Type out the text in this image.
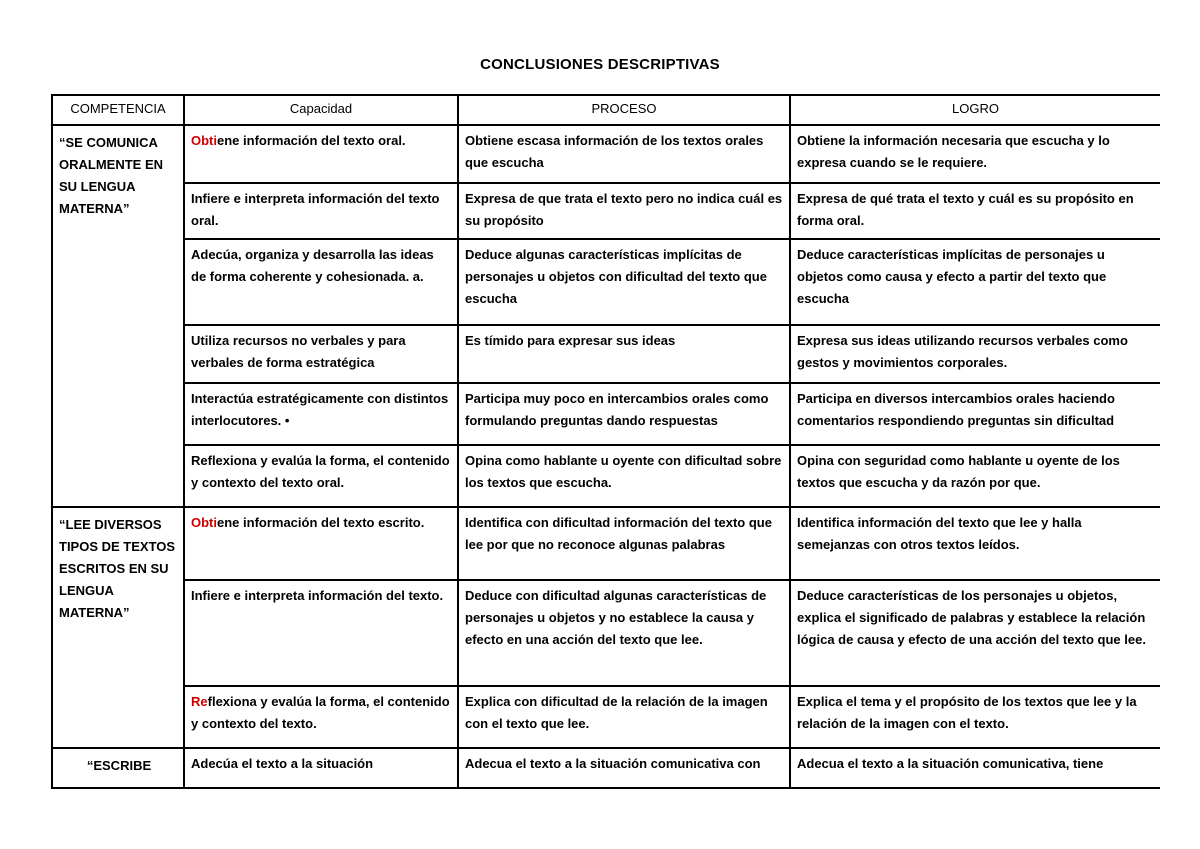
CONCLUSIONES DESCRIPTIVAS
COMPETENCIA	Capacidad	PROCESO	LOGRO
“SE COMUNICA ORALMENTE EN SU LENGUA MATERNA”	Obtiene información del texto oral.	Obtiene escasa información de los textos orales que escucha	Obtiene la información necesaria que escucha y lo expresa cuando se le requiere.
	Infiere e interpreta información del texto oral.	Expresa de que trata el texto pero no indica cuál es su propósito	Expresa de qué trata el texto y cuál es su propósito en forma oral.
	Adecúa, organiza y desarrolla las ideas de forma coherente y cohesionada. a.	Deduce algunas características implícitas de personajes u objetos con dificultad del texto que escucha	Deduce características implícitas de personajes u objetos como causa y efecto a partir del texto que escucha
	Utiliza recursos no verbales y para verbales de forma estratégica	Es tímido para expresar sus ideas	Expresa sus ideas utilizando recursos verbales como gestos y movimientos corporales.
	Interactúa estratégicamente con distintos interlocutores. •	Participa muy poco en intercambios orales como formulando preguntas dando respuestas	Participa en diversos intercambios orales haciendo comentarios respondiendo preguntas sin dificultad
	Reflexiona y evalúa la forma, el contenido y contexto del texto oral.	Opina como hablante u oyente con dificultad sobre los textos que escucha.	Opina con seguridad como hablante u oyente de los textos que escucha y da razón por que.
“LEE DIVERSOS TIPOS DE TEXTOS ESCRITOS EN SU LENGUA MATERNA”	Obtiene información del texto escrito.	Identifica con dificultad información del texto que lee por que no reconoce algunas palabras	Identifica información del texto que lee y halla semejanzas con otros textos leídos.
	Infiere e interpreta información del texto.	Deduce con dificultad algunas características de personajes u objetos y no establece la causa y efecto en una acción del texto que lee.	Deduce características de los personajes u objetos, explica el significado de palabras y establece la relación lógica de causa y efecto de una acción del texto que lee.
	Reflexiona y evalúa la forma, el contenido y contexto del texto.	Explica con dificultad de la relación de la imagen con el texto que lee.	Explica el tema y el propósito de los textos que lee y la relación de la imagen con el texto.
“ESCRIBE	Adecúa el texto a la situación	Adecua el texto a la situación comunicativa con	Adecua el texto a la situación comunicativa, tiene
